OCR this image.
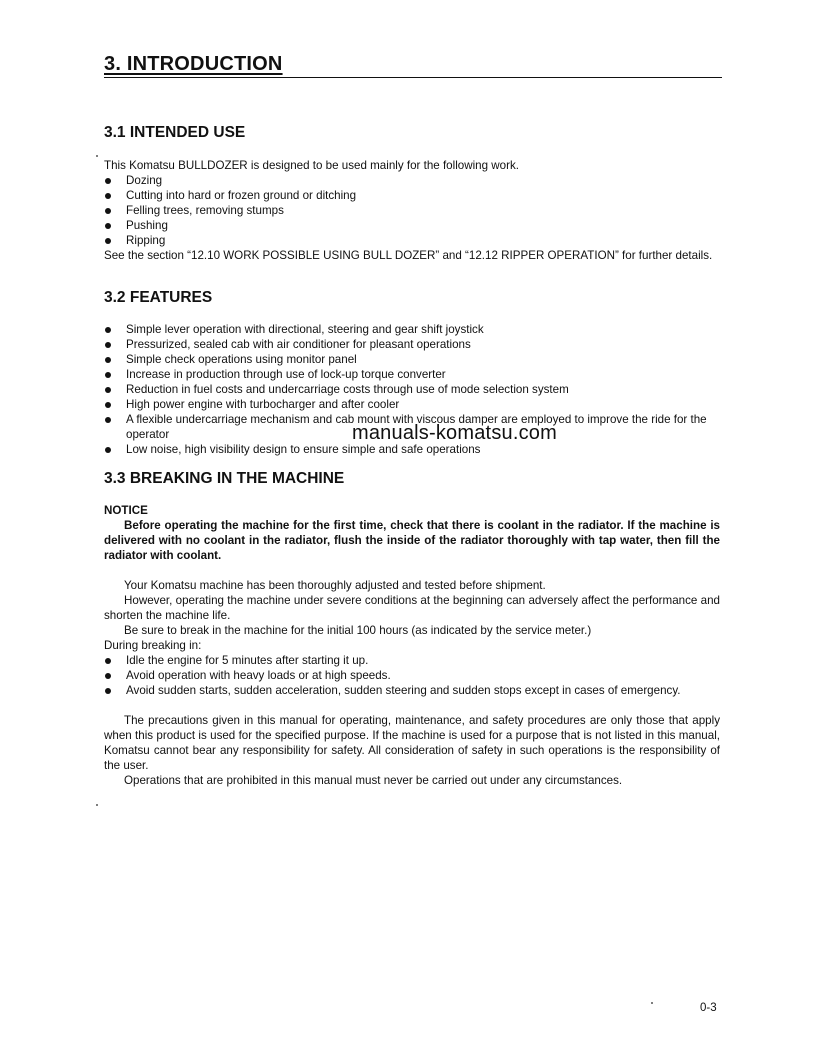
3. INTRODUCTION
3.1 INTENDED USE

This Komatsu BULLDOZER is designed to be used mainly for the following work.

Dozing
Cutting into hard or frozen ground or ditching
Felling trees, removing stumps
Pushing
Ripping

See the section “12.10 WORK POSSIBLE USING BULL DOZER” and “12.12 RIPPER OPERATION” for further details.

3.2 FEATURES
Simple lever operation with directional, steering and gear shift joystick
Pressurized, sealed cab with air conditioner for pleasant operations
Simple check operations using monitor panel
Increase in production through use of lock-up torque converter
Reduction in fuel costs and undercarriage costs through use of mode selection system
High power engine with turbocharger and after cooler
A flexible undercarriage mechanism and cab mount with viscous damper are employed to improve the ride for the operator
Low noise, high visibility design to ensure simple and safe operations
manuals-komatsu.com
3.3 BREAKING IN THE MACHINE

NOTICE

Before operating the machine for the first time, check that there is coolant in the radiator. If the machine is delivered with no coolant in the radiator, flush the inside of the radiator thoroughly with tap water, then fill the radiator with coolant.

Your Komatsu machine has been thoroughly adjusted and tested before shipment.

However, operating the machine under severe conditions at the beginning can adversely affect the performance and shorten the machine life.

Be sure to break in the machine for the initial 100 hours (as indicated by the service meter.)

During breaking in:

Idle the engine for 5 minutes after starting it up.
Avoid operation with heavy loads or at high speeds.
Avoid sudden starts, sudden acceleration, sudden steering and sudden stops except in cases of emergency.

The precautions given in this manual for operating, maintenance, and safety procedures are only those that apply when this product is used for the specified purpose. If the machine is used for a purpose that is not listed in this manual, Komatsu cannot bear any responsibility for safety. All consideration of safety in such operations is the responsibility of the user.

Operations that are prohibited in this manual must never be carried out under any circumstances.

0-3
